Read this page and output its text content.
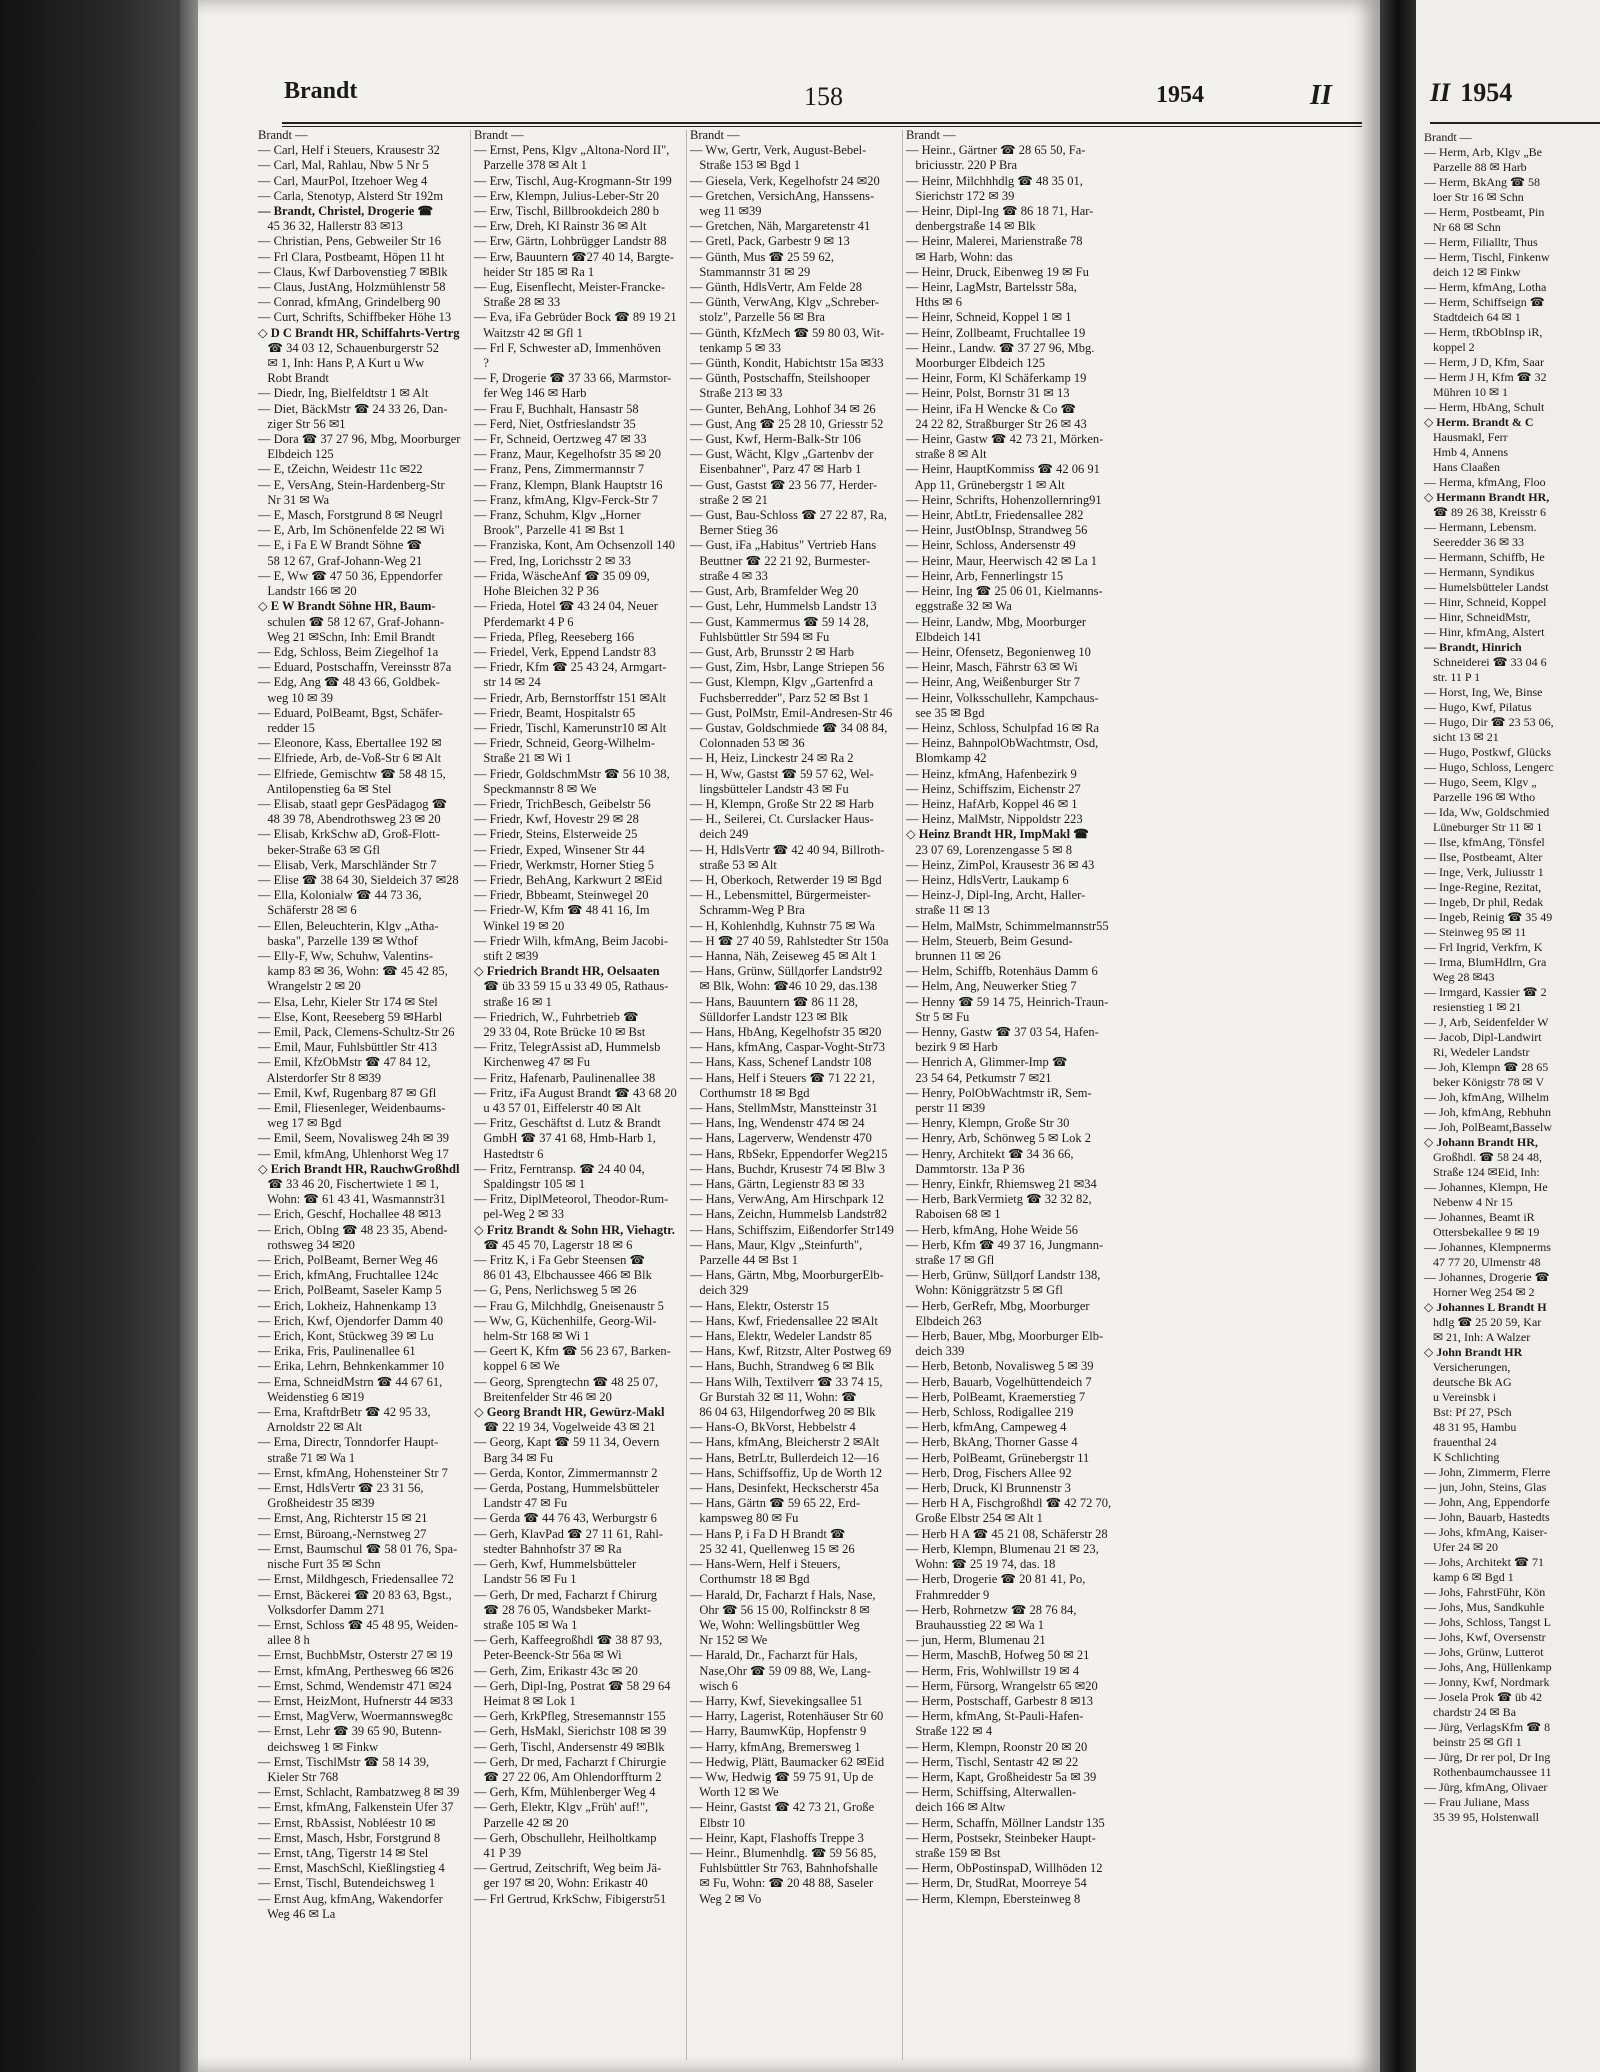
Brandt	158	1954	II

Brandt —

— Carl, Helf i Steuers, Krausestr 32

— Carl, Mal, Rahlau, Nbw 5 Nr 5

— Carl, MaurPol, Itzehoer Weg 4

— Carla, Stenotyp, Alsterd Str 192m

— Brandt, Christel, Drogerie ☎

45 36 32, Hallerstr 83 ✉13

— Christian, Pens, Gebweiler Str 16

— Frl Clara, Postbeamt, Höpen 11 ht

— Claus, Kwf Darbovenstieg 7 ✉Blk

— Claus, JustAng, Holzmühlenstr 58

— Conrad, kfmAng, Grindelberg 90

— Curt, Schrifts, Schiffbeker Höhe 13

◇ D C Brandt HR, Schiffahrts-Vertrg

☎ 34 03 12, Schauenburgerstr 52

✉ 1, Inh: Hans P, A Kurt u Ww

Robt Brandt

— Diedr, Ing, Bielfeldtstr 1 ✉ Alt

— Diet, BäckMstr ☎ 24 33 26, Dan-

ziger Str 56 ✉1

— Dora ☎ 37 27 96, Mbg, Moorburger

Elbdeich 125

— E, tZeichn, Weidestr 11c ✉22

— E, VersAng, Stein-Hardenberg-Str

Nr 31 ✉ Wa

— E, Masch, Forstgrund 8 ✉ Neugrl

— E, Arb, Im Schönenfelde 22 ✉ Wi

— E, i Fa E W Brandt Söhne ☎

58 12 67, Graf-Johann-Weg 21

— E, Ww ☎ 47 50 36, Eppendorfer

Landstr 166 ✉ 20

◇ E W Brandt Söhne HR, Baum-

schulen ☎ 58 12 67, Graf-Johann-

Weg 21 ✉Schn, Inh: Emil Brandt

— Edg, Schloss, Beim Ziegelhof 1a

— Eduard, Postschaffn, Vereinsstr 87a

— Edg, Ang ☎ 48 43 66, Goldbek-

weg 10 ✉ 39

— Eduard, PolBeamt, Bgst, Schäfer-

redder 15

— Eleonore, Kass, Ebertallee 192 ✉

— Elfriede, Arb, de-Voß-Str 6 ✉ Alt

— Elfriede, Gemischtw ☎ 58 48 15,

Antilopenstieg 6a ✉ Stel

— Elisab, staatl gepr GesPädagog ☎

48 39 78, Abendrothsweg 23 ✉ 20

— Elisab, KrkSchw aD, Groß-Flott-

beker-Straße 63 ✉ Gfl

— Elisab, Verk, Marschländer Str 7

— Elise ☎ 38 64 30, Sieldeich 37 ✉28

— Ella, Kolonialw ☎ 44 73 36,

Schäferstr 28 ✉ 6

— Ellen, Beleuchterin, Klgv „Atha-

baska", Parzelle 139 ✉ Wthof

— Elly-F, Ww, Schuhw, Valentins-

kamp 83 ✉ 36, Wohn: ☎ 45 42 85,

Wrangelstr 2 ✉ 20

— Elsa, Lehr, Kieler Str 174 ✉ Stel

— Else, Kont, Reeseberg 59 ✉Harbl

— Emil, Pack, Clemens-Schultz-Str 26

— Emil, Maur, Fuhlsbüttler Str 413

— Emil, KfzObMstr ☎ 47 84 12,

Alsterdorfer Str 8 ✉39

— Emil, Kwf, Rugenbarg 87 ✉ Gfl

— Emil, Fliesenleger, Weidenbaums-

weg 17 ✉ Bgd

— Emil, Seem, Novalisweg 24h ✉ 39

— Emil, kfmAng, Uhlenhorst Weg 17

◇ Erich Brandt HR, RauchwGroßhdl

☎ 33 46 20, Fischertwiete 1 ✉ 1,

Wohn: ☎ 61 43 41, Wasmannstr31

— Erich, Geschf, Hochallee 48 ✉13

— Erich, ObIng ☎ 48 23 35, Abend-

rothsweg 34 ✉20

— Erich, PolBeamt, Berner Weg 46

— Erich, kfmAng, Fruchtallee 124c

— Erich, PolBeamt, Saseler Kamp 5

— Erich, Lokheiz, Hahnenkamp 13

— Erich, Kwf, Ojendorfer Damm 40

— Erich, Kont, Stückweg 39 ✉ Lu

— Erika, Fris, Paulinenallee 61

— Erika, Lehrn, Behnkenkammer 10

— Erna, SchneidMstrn ☎ 44 67 61,

Weidenstieg 6 ✉19

— Erna, KraftdrBetr ☎ 42 95 33,

Arnoldstr 22 ✉ Alt

— Erna, Directr, Tonndorfer Haupt-

straße 71 ✉ Wa 1

— Ernst, kfmAng, Hohensteiner Str 7

— Ernst, HdlsVertr ☎ 23 31 56,

Großheidestr 35 ✉39

— Ernst, Ang, Richterstr 15 ✉ 21

— Ernst, Büroang,-Nernstweg 27

— Ernst, Baumschul ☎ 58 01 76, Spa-

nische Furt 35 ✉ Schn

— Ernst, Mildhgesch, Friedensallee 72

— Ernst, Bäckerei ☎ 20 83 63, Bgst.,

Volksdorfer Damm 271

— Ernst, Schloss ☎ 45 48 95, Weiden-

allee 8 h

— Ernst, BuchbMstr, Osterstr 27 ✉ 19

— Ernst, kfmAng, Perthesweg 66 ✉26

— Ernst, Schmd, Wendemstr 471 ✉24

— Ernst, HeizMont, Hufnerstr 44 ✉33

— Ernst, MagVerw, Woermannsweg8c

— Ernst, Lehr ☎ 39 65 90, Butenn-

deichsweg 1 ✉ Finkw

— Ernst, TischlMstr ☎ 58 14 39,

Kieler Str 768

— Ernst, Schlacht, Rambatzweg 8 ✉ 39

— Ernst, kfmAng, Falkenstein Ufer 37

— Ernst, RbAssist, Nobléestr 10 ✉

— Ernst, Masch, Hsbr, Forstgrund 8

— Ernst, tAng, Tigerstr 14 ✉ Stel

— Ernst, MaschSchl, Kießlingstieg 4

— Ernst, Tischl, Butendeichsweg 1

— Ernst Aug, kfmAng, Wakendorfer

Weg 46 ✉ La

Brandt —

— Ernst, Pens, Klgv „Altona-Nord II",

Parzelle 378 ✉ Alt 1

— Erw, Tischl, Aug-Krogmann-Str 199

— Erw, Klempn, Julius-Leber-Str 20

— Erw, Tischl, Billbrookdeich 280 b

— Erw, Dreh, Kl Rainstr 36 ✉ Alt

— Erw, Gärtn, Lohbrügger Landstr 88

— Erw, Bauuntern ☎27 40 14, Bargte-

heider Str 185 ✉ Ra 1

— Eug, Eisenflecht, Meister-Francke-

Straße 28 ✉ 33

— Eva, iFa Gebrüder Bock ☎ 89 19 21

Waitzstr 42 ✉ Gfl 1

— Frl F, Schwester aD, Immenhöven

?

— F, Drogerie ☎ 37 33 66, Marmstor-

fer Weg 146 ✉ Harb

— Frau F, Buchhalt, Hansastr 58

— Ferd, Niet, Ostfrieslandstr 35

— Fr, Schneid, Oertzweg 47 ✉ 33

— Franz, Maur, Kegelhofstr 35 ✉ 20

— Franz, Pens, Zimmermannstr 7

— Franz, Klempn, Blank Hauptstr 16

— Franz, kfmAng, Klgv-Ferck-Str 7

— Franz, Schuhm, Klgv „Horner

Brook", Parzelle 41 ✉ Bst 1

— Franziska, Kont, Am Ochsenzoll 140

— Fred, Ing, Lorichsstr 2 ✉ 33

— Frida, WäscheAnf ☎ 35 09 09,

Hohe Bleichen 32 P 36

— Frieda, Hotel ☎ 43 24 04, Neuer

Pferdemarkt 4 P 6

— Frieda, Pfleg, Reeseberg 166

— Friedel, Verk, Eppend Landstr 83

— Friedr, Kfm ☎ 25 43 24, Armgart-

str 14 ✉ 24

— Friedr, Arb, Bernstorffstr 151 ✉Alt

— Friedr, Beamt, Hospitalstr 65

— Friedr, Tischl, Kamerunstr10 ✉ Alt

— Friedr, Schneid, Georg-Wilhelm-

Straße 21 ✉ Wi 1

— Friedr, GoldschmMstr ☎ 56 10 38,

Speckmannstr 8 ✉ We

— Friedr, TrichBesch, Geibelstr 56

— Friedr, Kwf, Hovestr 29 ✉ 28

— Friedr, Steins, Elsterweide 25

— Friedr, Exped, Winsener Str 44

— Friedr, Werkmstr, Horner Stieg 5

— Friedr, BehAng, Karkwurt 2 ✉Eid

— Friedr, Bbbeamt, Steinwegel 20

— Friedr-W, Kfm ☎ 48 41 16, Im

Winkel 19 ✉ 20

— Friedr Wilh, kfmAng, Beim Jacobi-

stift 2 ✉39

◇ Friedrich Brandt HR, Oelsaaten

☎ üb 33 59 15 u 33 49 05, Rathaus-

straße 16 ✉ 1

— Friedrich, W., Fuhrbetrieb ☎

29 33 04, Rote Brücke 10 ✉ Bst

— Fritz, TelegrAssist aD, Hummelsb

Kirchenweg 47 ✉ Fu

— Fritz, Hafenarb, Paulinenallee 38

— Fritz, iFa August Brandt ☎ 43 68 20

u 43 57 01, Eiffelerstr 40 ✉ Alt

— Fritz, Geschäftst d. Lutz & Brandt

GmbH ☎ 37 41 68, Hmb-Harb 1,

Hastedtstr 6

— Fritz, Ferntransp. ☎ 24 40 04,

Spaldingstr 105 ✉ 1

— Fritz, DiplMeteorol, Theodor-Rum-

pel-Weg 2 ✉ 33

◇ Fritz Brandt & Sohn HR, Viehagtr.

☎ 45 45 70, Lagerstr 18 ✉ 6

— Fritz K, i Fa Gebr Steensen ☎

86 01 43, Elbchaussee 466 ✉ Blk

— G, Pens, Nerlichsweg 5 ✉ 26

— Frau G, Milchhdlg, Gneisenaustr 5

— Ww, G, Küchenhilfe, Georg-Wil-

helm-Str 168 ✉ Wi 1

— Geert K, Kfm ☎ 56 23 67, Barken-

koppel 6 ✉ We

— Georg, Sprengtechn ☎ 48 25 07,

Breitenfelder Str 46 ✉ 20

◇ Georg Brandt HR, Gewürz-Makl

☎ 22 19 34, Vogelweide 43 ✉ 21

— Georg, Kapt ☎ 59 11 34, Oevern

Barg 34 ✉ Fu

— Gerda, Kontor, Zimmermannstr 2

— Gerda, Postang, Hummelsbütteler

Landstr 47 ✉ Fu

— Gerda ☎ 44 76 43, Werburgstr 6

— Gerh, KlavPad ☎ 27 11 61, Rahl-

stedter Bahnhofstr 37 ✉ Ra

— Gerh, Kwf, Hummelsbütteler

Landstr 56 ✉ Fu 1

— Gerh, Dr med, Facharzt f Chirurg

☎ 28 76 05, Wandsbeker Markt-

straße 105 ✉ Wa 1

— Gerh, Kaffeegroßhdl ☎ 38 87 93,

Peter-Beenck-Str 56a ✉ Wi

— Gerh, Zim, Erikastr 43c ✉ 20

— Gerh, Dipl-Ing, Postrat ☎ 58 29 64

Heimat 8 ✉ Lok 1

— Gerh, KrkPfleg, Stresemannstr 155

— Gerh, HsMakl, Sierichstr 108 ✉ 39

— Gerh, Tischl, Andersenstr 49 ✉Blk

— Gerh, Dr med, Facharzt f Chirurgie

☎ 27 22 06, Am Ohlendorffturm 2

— Gerh, Kfm, Mühlenberger Weg 4

— Gerh, Elektr, Klgv „Früh' auf!",

Parzelle 42 ✉ 20

— Gerh, Obschullehr, Heilholtkamp

41 P 39

— Gertrud, Zeitschrift, Weg beim Jä-

ger 197 ✉ 20, Wohn: Erikastr 40

— Frl Gertrud, KrkSchw, Fibigerstr51

Brandt —

— Ww, Gertr, Verk, August-Bebel-

Straße 153 ✉ Bgd 1

— Giesela, Verk, Kegelhofstr 24 ✉20

— Gretchen, VersichAng, Hanssens-

weg 11 ✉39

— Gretchen, Näh, Margaretenstr 41

— Gretl, Pack, Garbestr 9 ✉ 13

— Günth, Mus ☎ 25 59 62,

Stammannstr 31 ✉ 29

— Günth, HdlsVertr, Am Felde 28

— Günth, VerwAng, Klgv „Schreber-

stolz", Parzelle 56 ✉ Bra

— Günth, KfzMech ☎ 59 80 03, Wit-

tenkamp 5 ✉ 33

— Günth, Kondit, Habichtstr 15a ✉33

— Günth, Postschaffn, Steilshooper

Straße 213 ✉ 33

— Gunter, BehAng, Lohhof 34 ✉ 26

— Gust, Ang ☎ 25 28 10, Griesstr 52

— Gust, Kwf, Herm-Balk-Str 106

— Gust, Wächt, Klgv „Gartenbv der

Eisenbahner", Parz 47 ✉ Harb 1

— Gust, Gastst ☎ 23 56 77, Herder-

straße 2 ✉ 21

— Gust, Bau-Schloss ☎ 27 22 87, Ra,

Berner Stieg 36

— Gust, iFa „Habitus" Vertrieb Hans

Beuttner ☎ 22 21 92, Burmester-

straße 4 ✉ 33

— Gust, Arb, Bramfelder Weg 20

— Gust, Lehr, Hummelsb Landstr 13

— Gust, Kammermus ☎ 59 14 28,

Fuhlsbüttler Str 594 ✉ Fu

— Gust, Arb, Brunsstr 2 ✉ Harb

— Gust, Zim, Hsbr, Lange Striepen 56

— Gust, Klempn, Klgv „Gartenfrd a

Fuchsberredder", Parz 52 ✉ Bst 1

— Gust, PolMstr, Emil-Andresen-Str 46

— Gustav, Goldschmiede ☎ 34 08 84,

Colonnaden 53 ✉ 36

— H, Heiz, Linckestr 24 ✉ Ra 2

— H, Ww, Gastst ☎ 59 57 62, Wel-

lingsbütteler Landstr 43 ✉ Fu

— H, Klempn, Große Str 22 ✉ Harb

— H., Seilerei, Ct. Curslacker Haus-

deich 249

— H, HdlsVertr ☎ 42 40 94, Billroth-

straße 53 ✉ Alt

— H, Oberkoch, Retwerder 19 ✉ Bgd

— H., Lebensmittel, Bürgermeister-

Schramm-Weg P Bra

— H, Kohlenhdlg, Kuhnstr 75 ✉ Wa

— H ☎ 27 40 59, Rahlstedter Str 150a

— Hanna, Näh, Zeiseweg 45 ✉ Alt 1

— Hans, Grünw, Süllдorfer Landstr92

✉ Blk, Wohn: ☎46 10 29, das.138

— Hans, Bauuntern ☎ 86 11 28,

Sülldorfer Landstr 123 ✉ Blk

— Hans, HbAng, Kegelhofstr 35 ✉20

— Hans, kfmAng, Caspar-Voght-Str73

— Hans, Kass, Schenef Landstr 108

— Hans, Helf i Steuers ☎ 71 22 21,

Corthumstr 18 ✉ Bgd

— Hans, StellmMstr, Manstteinstr 31

— Hans, Ing, Wendenstr 474 ✉ 24

— Hans, Lagerverw, Wendenstr 470

— Hans, RbSekr, Eppendorfer Weg215

— Hans, Buchdr, Krusestr 74 ✉ Blw 3

— Hans, Gärtn, Legienstr 83 ✉ 33

— Hans, VerwAng, Am Hirschpark 12

— Hans, Zeichn, Hummelsb Landstr82

— Hans, Schiffszim, Eißendorfer Str149

— Hans, Maur, Klgv „Steinfurth",

Parzelle 44 ✉ Bst 1

— Hans, Gärtn, Mbg, MoorburgerElb-

deich 329

— Hans, Elektr, Osterstr 15

— Hans, Kwf, Friedensallee 22 ✉Alt

— Hans, Elektr, Wedeler Landstr 85

— Hans, Kwf, Ritzstr, Alter Postweg 69

— Hans, Buchh, Strandweg 6 ✉ Blk

— Hans Wilh, Textilverr ☎ 33 74 15,

Gr Burstah 32 ✉ 11, Wohn: ☎

86 04 63, Hilgendorfweg 20 ✉ Blk

— Hans-O, BkVorst, Hebbelstr 4

— Hans, kfmAng, Bleicherstr 2 ✉Alt

— Hans, BetrLtr, Bullerdeich 12—16

— Hans, Schiffsoffiz, Up de Worth 12

— Hans, Desinfekt, Heckscherstr 45a

— Hans, Gärtn ☎ 59 65 22, Erd-

kampsweg 80 ✉ Fu

— Hans P, i Fa D H Brandt ☎

25 32 41, Quellenweg 15 ✉ 26

— Hans-Wern, Helf i Steuers,

Corthumstr 18 ✉ Bgd

— Harald, Dr, Facharzt f Hals, Nase,

Ohr ☎ 56 15 00, Rolfinckstr 8 ✉

We, Wohn: Wellingsbüttler Weg

Nr 152 ✉ We

— Harald, Dr., Facharzt für Hals,

Nase,Ohr ☎ 59 09 88, We, Lang-

wisch 6

— Harry, Kwf, Sievekingsallee 51

— Harry, Lagerist, Rotenhäuser Str 60

— Harry, BaumwKüp, Hopfenstr 9

— Harry, kfmAng, Bremersweg 1

— Hedwig, Plätt, Baumacker 62 ✉Eid

— Ww, Hedwig ☎ 59 75 91, Up de

Worth 12 ✉ We

— Heinr, Gastst ☎ 42 73 21, Große

Elbstr 10

— Heinr, Kapt, Flashoffs Treppe 3

— Heinr., Blumenhdlg. ☎ 59 56 85,

Fuhlsbüttler Str 763, Bahnhofshalle

✉ Fu, Wohn: ☎ 20 48 88, Saseler

Weg 2 ✉ Vo

Brandt —

— Heinr., Gärtner ☎ 28 65 50, Fa-

briciusstr. 220 P Bra

— Heinr, Milchhhdlg ☎ 48 35 01,

Sierichstr 172 ✉ 39

— Heinr, Dipl-Ing ☎ 86 18 71, Har-

denbergstraße 14 ✉ Blk

— Heinr, Malerei, Marienstraße 78

✉ Harb, Wohn: das

— Heinr, Druck, Eibenweg 19 ✉ Fu

— Heinr, LagMstr, Bartelsstr 58a,

Hths ✉ 6

— Heinr, Schneid, Koppel 1 ✉ 1

— Heinr, Zollbeamt, Fruchtallee 19

— Heinr., Landw. ☎ 37 27 96, Mbg.

Moorburger Elbdeich 125

— Heinr, Form, Kl Schäferkamp 19

— Heinr, Polst, Bornstr 31 ✉ 13

— Heinr, iFa H Wencke & Co ☎

24 22 82, Straßburger Str 26 ✉ 43

— Heinr, Gastw ☎ 42 73 21, Mörken-

straße 8 ✉ Alt

— Heinr, HauptKommiss ☎ 42 06 91

App 11, Grünebergstr 1 ✉ Alt

— Heinr, Schrifts, Hohenzollernring91

— Heinr, AbtLtr, Friedensallee 282

— Heinr, JustObInsp, Strandweg 56

— Heinr, Schloss, Andersenstr 49

— Heinr, Maur, Heerwisch 42 ✉ La 1

— Heinr, Arb, Fennerlingstr 15

— Heinr, Ing ☎ 25 06 01, Kielmanns-

eggstraße 32 ✉ Wa

— Heinr, Landw, Mbg, Moorburger

Elbdeich 141

— Heinr, Ofensetz, Begonienweg 10

— Heinr, Masch, Fährstr 63 ✉ Wi

— Heinr, Ang, Weißenburger Str 7

— Heinr, Volksschullehr, Kampchaus-

see 35 ✉ Bgd

— Heinz, Schloss, Schulpfad 16 ✉ Ra

— Heinz, BahnpolObWachtmstr, Osd,

Blomkamp 42

— Heinz, kfmAng, Hafenbezirk 9

— Heinz, Schiffszim, Eichenstr 27

— Heinz, HafArb, Koppel 46 ✉ 1

— Heinz, MalMstr, Nippoldstr 223

◇ Heinz Brandt HR, ImpMakl ☎

23 07 69, Lorenzengasse 5 ✉ 8

— Heinz, ZimPol, Krausestr 36 ✉ 43

— Heinz, HdlsVertr, Laukamp 6

— Heinz-J, Dipl-Ing, Archt, Haller-

straße 11 ✉ 13

— Helm, MalMstr, Schimmelmannstr55

— Helm, Steuerb, Beim Gesund-

brunnen 11 ✉ 26

— Helm, Schiffb, Rotenhäus Damm 6

— Helm, Ang, Neuwerker Stieg 7

— Henny ☎ 59 14 75, Heinrich-Traun-

Str 5 ✉ Fu

— Henny, Gastw ☎ 37 03 54, Hafen-

bezirk 9 ✉ Harb

— Henrich A, Glimmer-Imp ☎

23 54 64, Petkumstr 7 ✉21

— Henry, PolObWachtmstr iR, Sem-

perstr 11 ✉39

— Henry, Klempn, Große Str 30

— Henry, Arb, Schönweg 5 ✉ Lok 2

— Henry, Architekt ☎ 34 36 66,

Dammtorstr. 13a P 36

— Henry, Einkfr, Rhiemsweg 21 ✉34

— Herb, BarkVermietg ☎ 32 32 82,

Raboisen 68 ✉ 1

— Herb, kfmAng, Hohe Weide 56

— Herb, Kfm ☎ 49 37 16, Jungmann-

straße 17 ✉ Gfl

— Herb, Grünw, Süllдorf Landstr 138,

Wohn: Königgrätzstr 5 ✉ Gfl

— Herb, GerRefr, Mbg, Moorburger

Elbdeich 263

— Herb, Bauer, Mbg, Moorburger Elb-

deich 339

— Herb, Betonb, Novalisweg 5 ✉ 39

— Herb, Bauarb, Vogelhüttendeich 7

— Herb, PolBeamt, Kraemerstieg 7

— Herb, Schloss, Rodigallee 219

— Herb, kfmAng, Campeweg 4

— Herb, BkAng, Thorner Gasse 4

— Herb, PolBeamt, Grünebergstr 11

— Herb, Drog, Fischers Allee 92

— Herb, Druck, Kl Brunnenstr 3

— Herb H A, Fischgroßhdl ☎ 42 72 70,

Große Elbstr 254 ✉ Alt 1

— Herb H A ☎ 45 21 08, Schäferstr 28

— Herb, Klempn, Blumenau 21 ✉ 23,

Wohn: ☎ 25 19 74, das. 18

— Herb, Drogerie ☎ 20 81 41, Po,

Frahmredder 9

— Herb, Rohrnetzw ☎ 28 76 84,

Brauhausstieg 22 ✉ Wa 1

— jun, Herm, Blumenau 21

— Herm, MaschB, Hofweg 50 ✉ 21

— Herm, Fris, Wohlwillstr 19 ✉ 4

— Herm, Fürsorg, Wrangelstr 65 ✉20

— Herm, Postschaff, Garbestr 8 ✉13

— Herm, kfmAng, St-Pauli-Hafen-

Straße 122 ✉ 4

— Herm, Klempn, Roonstr 20 ✉ 20

— Herm, Tischl, Sentastr 42 ✉ 22

— Herm, Kapt, Großheidestr 5a ✉ 39

— Herm, Schiffsing, Alterwallen-

deich 166 ✉ Altw

— Herm, Schaffn, Möllner Landstr 135

— Herm, Postsekr, Steinbeker Haupt-

straße 159 ✉ Bst

— Herm, ObPostinspaD, Willhöden 12

— Herm, Dr, StudRat, Moorreye 54

— Herm, Klempn, Ebersteinweg 8

II 1954

Brandt —

— Herm, Arb, Klgv „Be

Parzelle 88 ✉ Harb

— Herm, BkAng ☎ 58

loer Str 16 ✉ Schn

— Herm, Postbeamt, Pin

Nr 68 ✉ Schn

— Herm, Filialltr, Thus

— Herm, Tischl, Finkenw

deich 12 ✉ Finkw

— Herm, kfmAng, Lotha

— Herm, Schiffseign ☎

Stadtdeich 64 ✉ 1

— Herm, tRbObInsp iR,

koppel 2

— Herm, J D, Kfm, Saar

— Herm J H, Kfm ☎ 32

Mühren 10 ✉ 1

— Herm, HbAng, Schult

◇ Herm. Brandt & C

Hausmakl, Ferr

Hmb 4, Annens

Hans Claaßen

— Herma, kfmAng, Floo

◇ Hermann Brandt HR,

☎ 89 26 38, Kreisstr 6

— Hermann, Lebensm.

Seeredder 36 ✉ 33

— Hermann, Schiffb, He

— Hermann, Syndikus

— Humelsbütteler Landst

— Hinr, Schneid, Koppel

— Hinr, SchneidMstr,

— Hinr, kfmAng, Alstert

— Brandt, Hinrich

Schneiderei ☎ 33 04 6

str. 11 P 1

— Horst, Ing, We, Binse

— Hugo, Kwf, Pilatus

— Hugo, Dir ☎ 23 53 06,

sicht 13 ✉ 21

— Hugo, Postkwf, Glücks

— Hugo, Schloss, Lengerc

— Hugo, Seem, Klgv „

Parzelle 196 ✉ Wtho

— Ida, Ww, Goldschmied

Lüneburger Str 11 ✉ 1

— Ilse, kfmAng, Tönsfel

— Ilse, Postbeamt, Alter

— Inge, Verk, Juliusstr 1

— Inge-Regine, Rezitat,

— Ingeb, Dr phil, Redak

— Ingeb, Reinig ☎ 35 49

— Steinweg 95 ✉ 11

— Frl Ingrid, Verkfrn, K

— Irma, BlumHdlrn, Gra

Weg 28 ✉43

— Irmgard, Kassier ☎ 2

resienstieg 1 ✉ 21

— J, Arb, Seidenfelder W

— Jacob, Dipl-Landwirt

Ri, Wedeler Landstr

— Joh, Klempn ☎ 28 65

beker Königstr 78 ✉ V

— Joh, kfmAng, Wilhelm

— Joh, kfmAng, Rebhuhn

— Joh, PolBeamt,Basselw

◇ Johann Brandt HR,

Großhdl. ☎ 58 24 48,

Straße 124 ✉Eid, Inh:

— Johannes, Klempn, He

Nebenw 4 Nr 15

— Johannes, Beamt iR

Ottersbekallee 9 ✉ 19

— Johannes, Klempnerms

47 77 20, Ulmenstr 48

— Johannes, Drogerie ☎

Horner Weg 254 ✉ 2

◇ Johannes L Brandt H

hdlg ☎ 25 20 59, Kar

✉ 21, Inh: A Walzer

◇ John Brandt HR

Versicherungen,

deutsche Bk AG

u Vereinsbk i

Bst: Pf 27, PSch

48 31 95, Hambu

frauenthal 24

K Schlichting

— John, Zimmerm, Flerre

— jun, John, Steins, Glas

— John, Ang, Eppendorfe

— John, Bauarb, Hastedts

— Johs, kfmAng, Kaiser-

Ufer 24 ✉ 20

— Johs, Architekt ☎ 71

kamp 6 ✉ Bgd 1

— Johs, FahrstFühr, Kön

— Johs, Mus, Sandkuhle

— Johs, Schloss, Tangst L

— Johs, Kwf, Oversenstr

— Johs, Grünw, Lutterot

— Johs, Ang, Hüllenkamp

— Jonny, Kwf, Nordmark

— Josela Prok ☎ üb 42

chardstr 24 ✉ Ba

— Jürg, VerlagsKfm ☎ 8

beinstr 25 ✉ Gfl 1

— Jürg, Dr rer pol, Dr Ing

Rothenbaumchaussee 11

— Jürg, kfmAng, Olivaer

— Frau Juliane, Mass

35 39 95, Holstenwall
